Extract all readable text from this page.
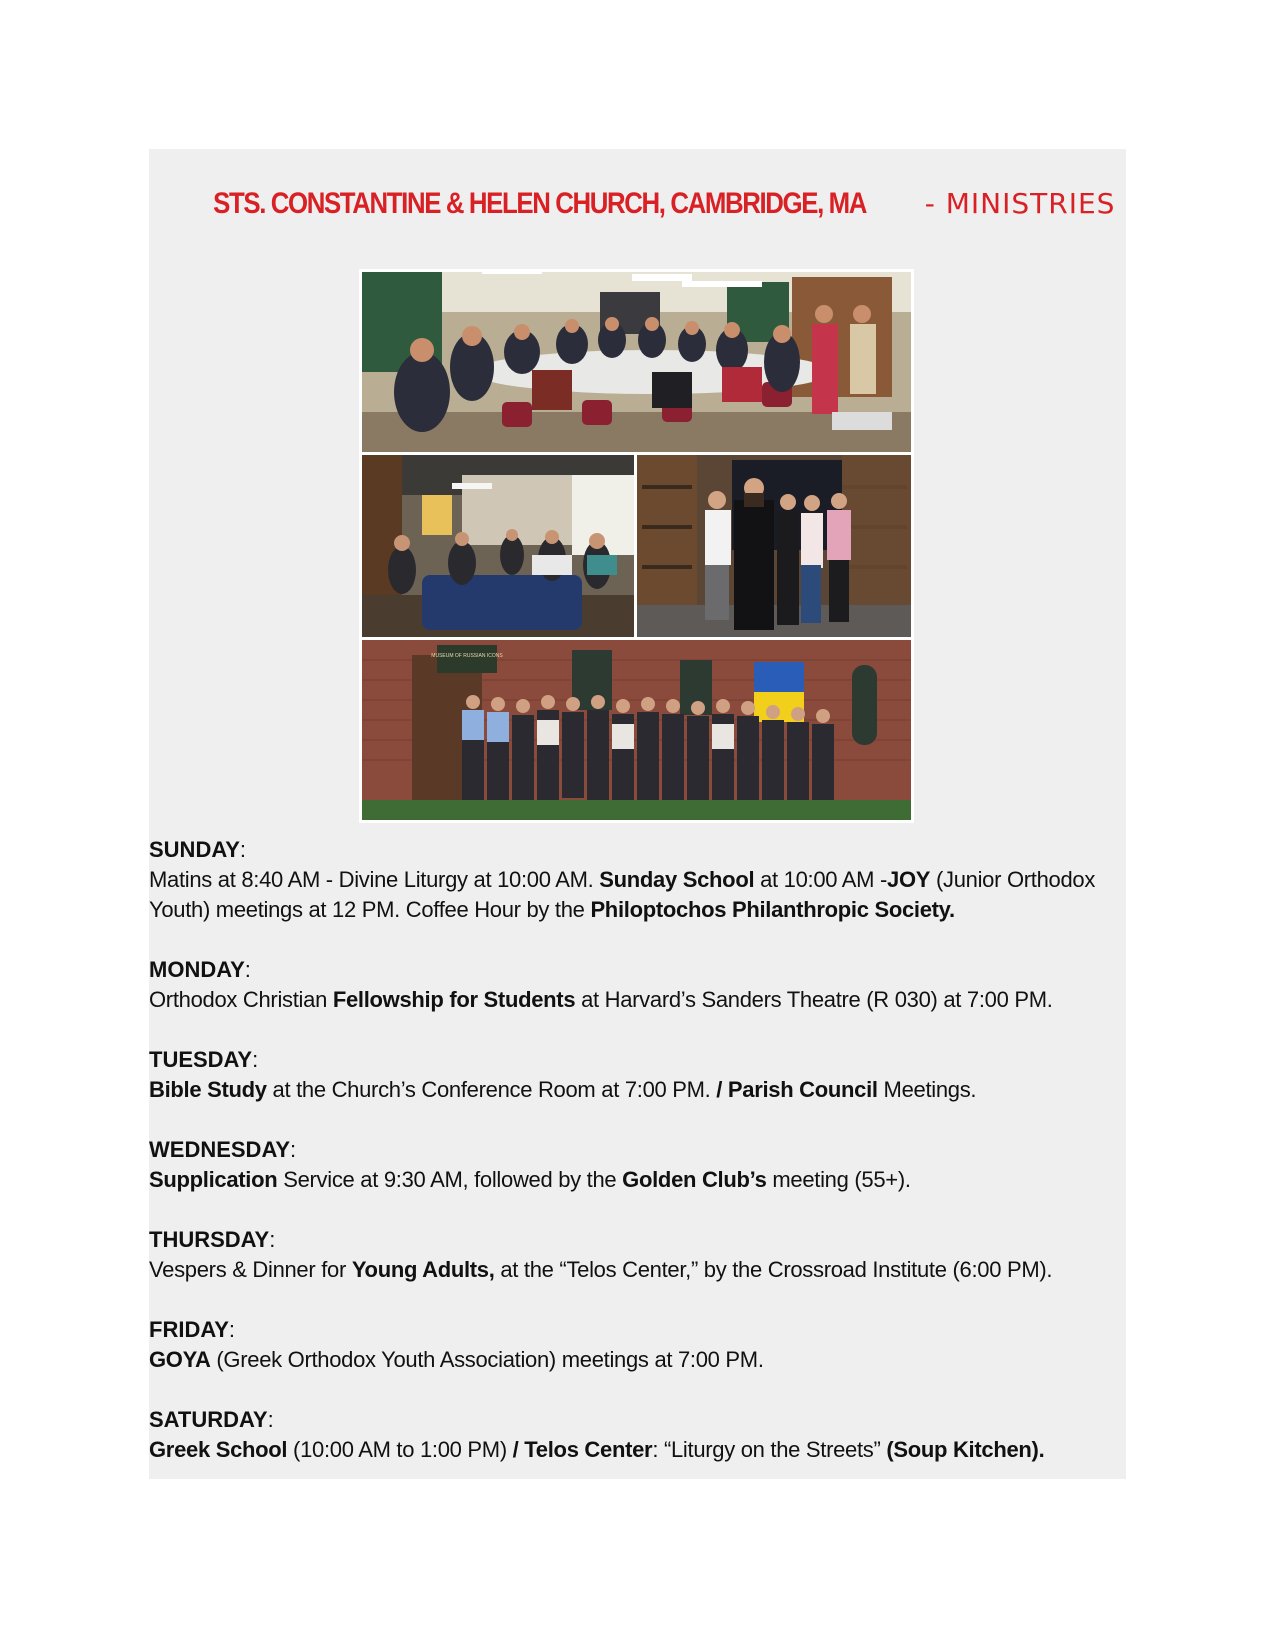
STS. CONSTANTINE & HELEN CHURCH, CAMBRIDGE, MA - MINISTRIES
MUSEUM OF RUSSIAN ICONS
SUNDAY:
Matins at 8:40 AM - Divine Liturgy at 10:00 AM. Sunday School at 10:00 AM -JOY (Junior Orthodox Youth) meetings at 12 PM. Coffee Hour by the Philoptochos Philanthropic Society.
MONDAY:
Orthodox Christian Fellowship for Students at Harvard’s Sanders Theatre (R 030) at 7:00 PM.
TUESDAY:
Bible Study at the Church’s Conference Room at 7:00 PM. / Parish Council Meetings.
WEDNESDAY:
Supplication Service at 9:30 AM, followed by the Golden Club’s meeting (55+).
THURSDAY:
Vespers & Dinner for Young Adults, at the “Telos Center,” by the Crossroad Institute (6:00 PM).
FRIDAY:
GOYA (Greek Orthodox Youth Association) meetings at 7:00 PM.
SATURDAY:
Greek School (10:00 AM to 1:00 PM) / Telos Center: “Liturgy on the Streets” (Soup Kitchen).
